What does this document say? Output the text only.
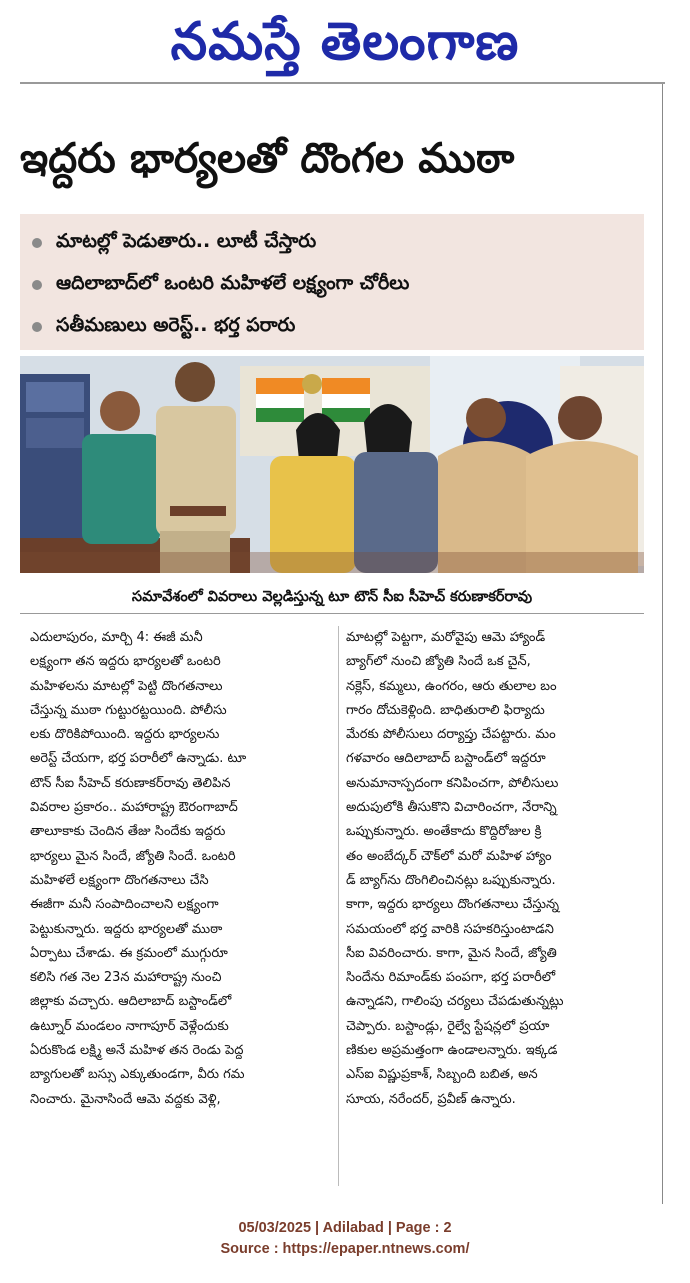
నమస్తే తెలంగాణ
ఇద్దరు భార్యలతో దొంగల ముఠా
మాటల్లో పెడుతారు.. లూటీ చేస్తారు
ఆదిలాబాద్‌లో ఒంటరి మహిళలే లక్ష్యంగా చోరీలు
సతీమణులు అరెస్ట్.. భర్త పరారు
సమావేశంలో వివరాలు వెల్లడిస్తున్న టూ టౌన్ సీఐ సీహెచ్ కరుణాకర్‌రావు

ఎదులాపురం, మార్చి 4: ఈజీ మనీ

లక్ష్యంగా తన ఇద్దరు భార్యలతో ఒంటరి

మహిళలను మాటల్లో పెట్టి దొంగతనాలు

చేస్తున్న ముఠా గుట్టురట్టయింది. పోలీసు

లకు దొరికిపోయింది. ఇద్దరు భార్యలను

అరెస్ట్ చేయగా, భర్త పరారీలో ఉన్నాడు. టూ

టౌన్ సీఐ సీహెచ్ కరుణాకర్‌రావు తెలిపిన

వివరాల ప్రకారం.. మహారాష్ట్ర ఔరంగాబాద్

తాలూకాకు చెందిన తేజు సిందేకు ఇద్దరు

భార్యలు మైన సిందే, జ్యోతి సిందే. ఒంటరి

మహిళలే లక్ష్యంగా దొంగతనాలు చేసి

ఈజీగా మనీ సంపాదించాలని లక్ష్యంగా

పెట్టుకున్నారు. ఇద్దరు భార్యలతో ముఠా

ఏర్పాటు చేశాడు. ఈ క్రమంలో ముగ్గురూ

కలిసి గత నెల 23న మహారాష్ట్ర నుంచి

జిల్లాకు వచ్చారు. ఆదిలాబాద్ బస్టాండ్‌లో

ఉట్నూర్ మండలం నాగాపూర్ వెళ్లేందుకు

ఏరుకొండ లక్ష్మి అనే మహిళ తన రెండు పెద్ద

బ్యాగులతో బస్సు ఎక్కుతుండగా, వీరు గమ

నించారు. మైనాసిందే ఆమె వద్దకు వెళ్లి,

మాటల్లో పెట్టగా, మరోవైపు ఆమె హ్యాండ్

బ్యాగ్‌లో నుంచి జ్యోతి సిందే ఒక చైన్,

నక్లెస్, కమ్మలు, ఉంగరం, ఆరు తులాల బం

గారం దోచుకెళ్లింది. బాధితురాలి ఫిర్యాదు

మేరకు పోలీసులు దర్యాప్తు చేపట్టారు. మం

గళవారం ఆదిలాబాద్ బస్టాండ్‌లో ఇద్దరూ

అనుమానాస్పదంగా కనిపించగా, పోలీసులు

అదుపులోకి తీసుకొని విచారించగా, నేరాన్ని

ఒప్పుకున్నారు. అంతేకాదు కొద్దిరోజుల క్రి

తం అంబేద్కర్ చౌక్‌లో మరో మహిళ హ్యాం

డ్ బ్యాగ్‌ను దొంగిలించినట్లు ఒప్పుకున్నారు.

కాగా, ఇద్దరు భార్యలు దొంగతనాలు చేస్తున్న

సమయంలో భర్త వారికి సహకరిస్తుంటాడని

సీఐ వివరించారు. కాగా, మైన సిందే, జ్యోతి

సిందేను రిమాండ్‌కు పంపగా, భర్త పరారీలో

ఉన్నాడని, గాలింపు చర్యలు చేపడుతున్నట్లు

చెప్పారు. బస్టాండ్లు, రైల్వే స్టేషన్లలో ప్రయా

ణికుల అప్రమత్తంగా ఉండాలన్నారు. ఇక్కడ

ఎస్ఐ విష్ణుప్రకాశ్, సిబ్బంది బబిత, అన

సూయ, నరేందర్, ప్రవీణ్ ఉన్నారు.

05/03/2025 | Adilabad | Page : 2
Source : https://epaper.ntnews.com/
